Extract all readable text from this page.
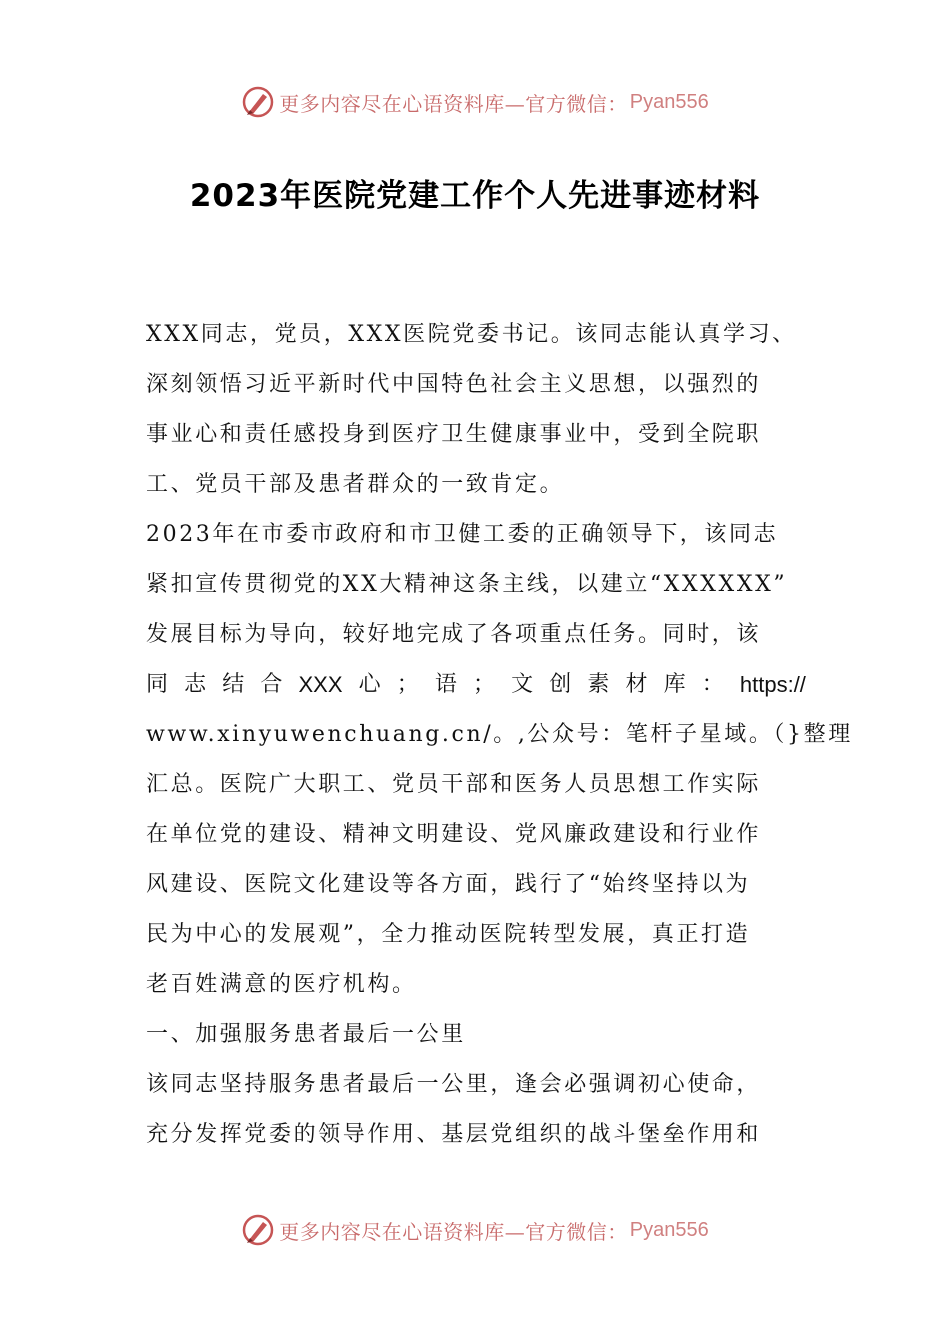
更多内容尽在心语资料库—官方微信： Pyan556
2023年医院党建工作个人先进事迹材料
XXX同志，党员，XXX医院党委书记。该同志能认真学习、
深刻领悟习近平新时代中国特色社会主义思想，以强烈的
事业心和责任感投身到医疗卫生健康事业中，受到全院职
工、党员干部及患者群众的一致肯定。
2023年在市委市政府和市卫健工委的正确领导下，该同志
紧扣宣传贯彻党的XX大精神这条主线，以建立“XXXXXX”
发展目标为导向，较好地完成了各项重点任务。同时，该
同 志 结 合 XXX 心 ； 语 ； 文 创 素 材 库 ： https://
www.xinyuwenchuang.cn/。,公众号：笔杆子星域。（}整理
汇总。医院广大职工、党员干部和医务人员思想工作实际
在单位党的建设、精神文明建设、党风廉政建设和行业作
风建设、医院文化建设等各方面，践行了“始终坚持以为
民为中心的发展观”，全力推动医院转型发展，真正打造
老百姓满意的医疗机构。
一、加强服务患者最后一公里
该同志坚持服务患者最后一公里，逢会必强调初心使命，
充分发挥党委的领导作用、基层党组织的战斗堡垒作用和
更多内容尽在心语资料库—官方微信： Pyan556
